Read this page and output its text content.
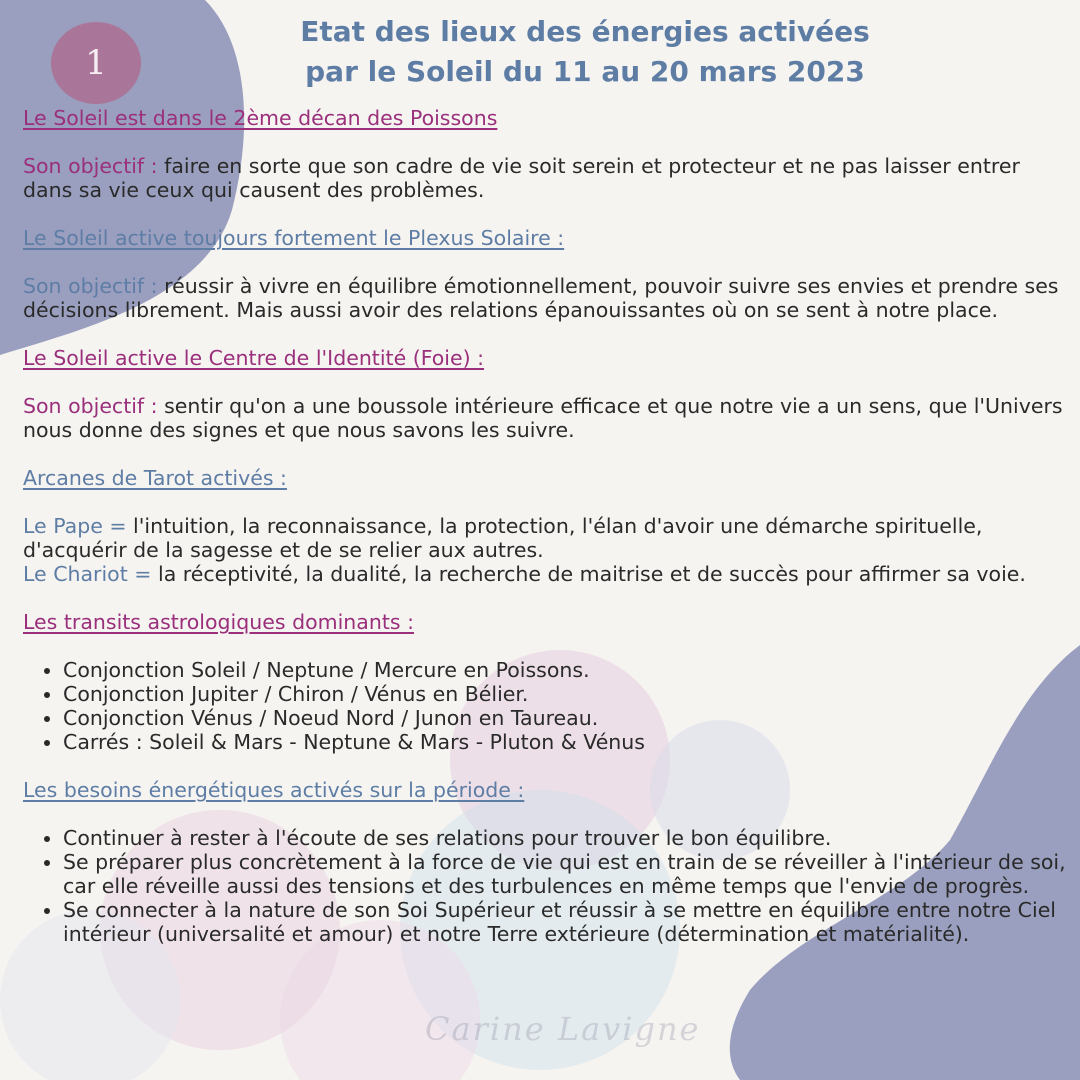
1
Etat des lieux des énergies activées
par le Soleil du 11 au 20 mars 2023

Le Soleil est dans le 2ème décan des Poissons

Son objectif : faire en sorte que son cadre de vie soit serein et protecteur et ne pas laisser entrer dans sa vie ceux qui causent des problèmes.

Le Soleil active toujours fortement le Plexus Solaire :

Son objectif : réussir à vivre en équilibre émotionnellement, pouvoir suivre ses envies et prendre ses décisions librement. Mais aussi avoir des relations épanouissantes où on se sent à notre place.

Le Soleil active le Centre de l'Identité (Foie) :

Son objectif : sentir qu'on a une boussole intérieure efficace et que notre vie a un sens, que l'Univers nous donne des signes et que nous savons les suivre.

Arcanes de Tarot activés :

Le Pape = l'intuition, la reconnaissance, la protection, l'élan d'avoir une démarche spirituelle, d'acquérir de la sagesse et de se relier aux autres.

Le Chariot = la réceptivité, la dualité, la recherche de maitrise et de succès pour affirmer sa voie.

Les transits astrologiques dominants :

• Conjonction Soleil / Neptune / Mercure en Poissons.
• Conjonction Jupiter / Chiron / Vénus en Bélier.
• Conjonction Vénus / Noeud Nord / Junon en Taureau.
• Carrés : Soleil & Mars - Neptune & Mars - Pluton & Vénus

Les besoins énergétiques activés sur la période :

• Continuer à rester à l'écoute de ses relations pour trouver le bon équilibre.
• Se préparer plus concrètement à la force de vie qui est en train de se réveiller à l'intérieur de soi, car elle réveille aussi des tensions et des turbulences en même temps que l'envie de progrès.
• Se connecter à la nature de son Soi Supérieur et réussir à se mettre en équilibre entre notre Ciel intérieur (universalité et amour) et notre Terre extérieure (détermination et matérialité).
Carine Lavigne
